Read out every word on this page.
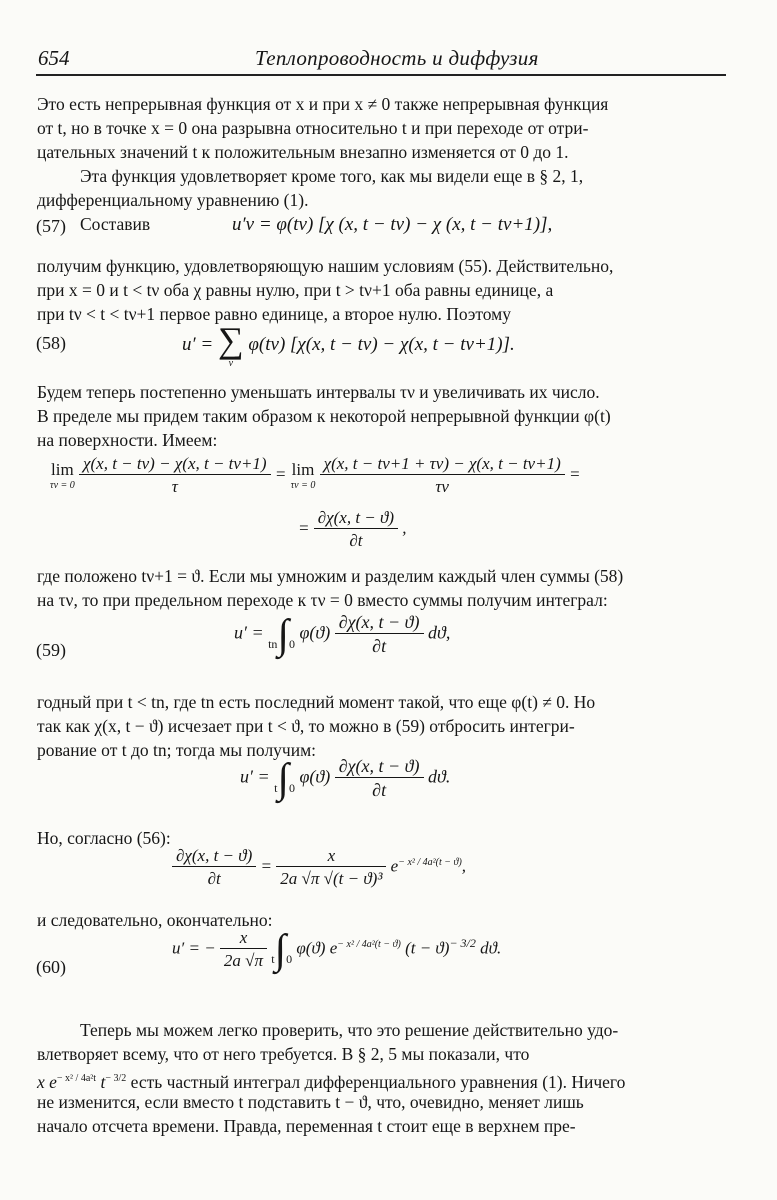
654	Теплопроводность и диффузия
Это есть непрерывная функция от x и при x ≠ 0 также непрерывная функция
от t, но в точке x = 0 она разрывна относительно t и при переходе от отри-
цательных значений t к положительным внезапно изменяется от 0 до 1.
Эта функция удовлетворяет кроме того, как мы видели еще в § 2, 1,
дифференциальному уравнению (1).
Составив
(57)	u′ν = φ(tν) [χ (x, t − tν) − χ (x, t − tν+1)],
получим функцию, удовлетворяющую нашим условиям (55). Действительно,
при x = 0 и t < tν оба χ равны нулю, при t > tν+1 оба равны единице, а
при tν < t < tν+1 первое равно единице, а второе нулю. Поэтому
(58)	u′ = ∑
ν
φ(tν) [χ(x, t − tν) − χ(x, t − tν+1)].
Будем теперь постепенно уменьшать интервалы τν и увеличивать их число.
В пределе мы придем таким образом к некоторой непрерывной функции φ(t)
на поверхности. Имеем:
lim
τν = 0
$\frac{\chi(x, t - t\nu) - \chi(x, t - t\nu+1)}{\tau} = \lim$
τν = 0
$\frac{\chi(x, t - t\nu+1 + \tau\nu) - \chi(x, t - t\nu+1)}{\tau\nu}$ =
= $\frac{\partial\chi(x, t - ϑ)}{\partial t}$ ,
где положено tν+1 = ϑ. Если мы умножим и разделим каждый член суммы (58)
на τν, то при предельном переходе к τν = 0 вместо суммы получим интеграл:
(59)
u′ = tn∫0 $\varphi(ϑ) \frac{\partial\chi(x, t - ϑ)}{\partial t} dϑ$,
годный при t < tn, где tn есть последний момент такой, что еще φ(t) ≠ 0. Но
так как χ(x, t − ϑ) исчезает при t < ϑ, то можно в (59) отбросить интегри-
рование от t до tn; тогда мы получим:
u′ = t∫0 $\varphi(ϑ) \frac{\partial\chi(x, t - ϑ)}{\partial t} dϑ$.
Но, согласно (56):
$\frac{\partial\chi(x, t - ϑ)}{\partial t} = \frac{x}{\text{2a √π √(t − ϑ)³}} e^{- x^2 / 4a^2(t - ϑ)}$,
и следовательно, окончательно:
(60)
u′ = − $\frac{x}{2a √\pi} t\int 0$ φ(ϑ) $e^{- x^2 / 4a^2(t - ϑ)}$ $(t - ϑ)^{- 3/2}$ dϑ.
Теперь мы можем легко проверить, что это решение действительно удо-
влетворяет всему, что от него требуется. В § 2, 5 мы показали, что
x $e^{- x^2 / 4a^2t}$ $t^{- 3/2}$ есть частный интеграл дифференциального уравнения (1). Ничего
не изменится, если вместо t подставить t − ϑ, что, очевидно, меняет лишь
начало отсчета времени. Правда, переменная t стоит еще в верхнем пре-
